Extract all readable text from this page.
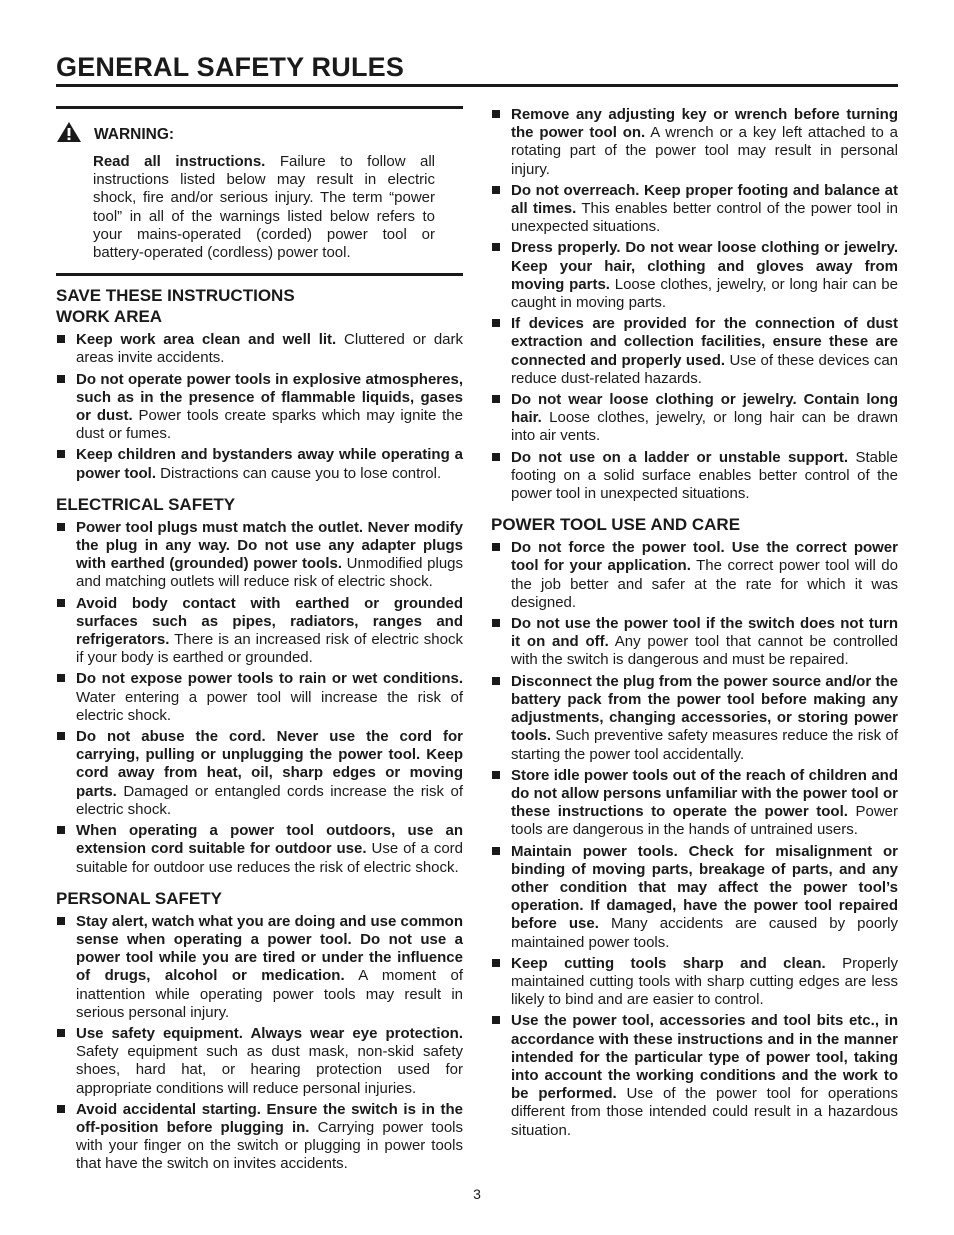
GENERAL SAFETY RULES
WARNING:
Read all instructions. Failure to follow all instructions listed below may result in electric shock, fire and/or serious injury. The term “power tool” in all of the warnings listed below refers to your mains-operated (corded) power tool or battery-operated (cordless) power tool.
SAVE THESE INSTRUCTIONS
WORK AREA
Keep work area clean and well lit. Cluttered or dark areas invite accidents.
Do not operate power tools in explosive atmospheres, such as in the presence of flammable liquids, gases or dust. Power tools create sparks which may ignite the dust or fumes.
Keep children and bystanders away while operating a power tool. Distractions can cause you to lose control.
ELECTRICAL SAFETY
Power tool plugs must match the outlet. Never modify the plug in any way. Do not use any adapter plugs with earthed (grounded) power tools. Unmodified plugs and matching outlets will reduce risk of electric shock.
Avoid body contact with earthed or grounded surfaces such as pipes, radiators, ranges and refrigerators. There is an increased risk of electric shock if your body is earthed or grounded.
Do not expose power tools to rain or wet conditions. Water entering a power tool will increase the risk of electric shock.
Do not abuse the cord. Never use the cord for carrying, pulling or unplugging the power tool. Keep cord away from heat, oil, sharp edges or moving parts. Damaged or entangled cords increase the risk of electric shock.
When operating a power tool outdoors, use an extension cord suitable for outdoor use. Use of a cord suitable for outdoor use reduces the risk of electric shock.
PERSONAL SAFETY
Stay alert, watch what you are doing and use common sense when operating a power tool. Do not use a power tool while you are tired or under the influence of drugs, alcohol or medication. A moment of inattention while operating power tools may result in serious personal injury.
Use safety equipment. Always wear eye protection. Safety equipment such as dust mask, non-skid safety shoes, hard hat, or hearing protection used for appropriate conditions will reduce personal injuries.
Avoid accidental starting. Ensure the switch is in the off-position before plugging in. Carrying power tools with your finger on the switch or plugging in power tools that have the switch on invites accidents.
Remove any adjusting key or wrench before turning the power tool on. A wrench or a key left attached to a rotating part of the power tool may result in personal injury.
Do not overreach. Keep proper footing and balance at all times. This enables better control of the power tool in unexpected situations.
Dress properly. Do not wear loose clothing or jewelry. Keep your hair, clothing and gloves away from moving parts. Loose clothes, jewelry, or long hair can be caught in moving parts.
If devices are provided for the connection of dust extraction and collection facilities, ensure these are connected and properly used. Use of these devices can reduce dust-related hazards.
Do not wear loose clothing or jewelry. Contain long hair. Loose clothes, jewelry, or long hair can be drawn into air vents.
Do not use on a ladder or unstable support. Stable footing on a solid surface enables better control of the power tool in unexpected situations.
POWER TOOL USE AND CARE
Do not force the power tool. Use the correct power tool for your application. The correct power tool will do the job better and safer at the rate for which it was designed.
Do not use the power tool if the switch does not turn it on and off. Any power tool that cannot be controlled with the switch is dangerous and must be repaired.
Disconnect the plug from the power source and/or the battery pack from the power tool before making any adjustments, changing accessories, or storing power tools. Such preventive safety measures reduce the risk of starting the power tool accidentally.
Store idle power tools out of the reach of children and do not allow persons unfamiliar with the power tool or these instructions to operate the power tool. Power tools are dangerous in the hands of untrained users.
Maintain power tools. Check for misalignment or binding of moving parts, breakage of parts, and any other condition that may affect the power tool’s operation. If damaged, have the power tool repaired before use. Many accidents are caused by poorly maintained power tools.
Keep cutting tools sharp and clean. Properly maintained cutting tools with sharp cutting edges are less likely to bind and are easier to control.
Use the power tool, accessories and tool bits etc., in accordance with these instructions and in the manner intended for the particular type of power tool, taking into account the working conditions and the work to be performed. Use of the power tool for operations different from those intended could result in a hazardous situation.
3
